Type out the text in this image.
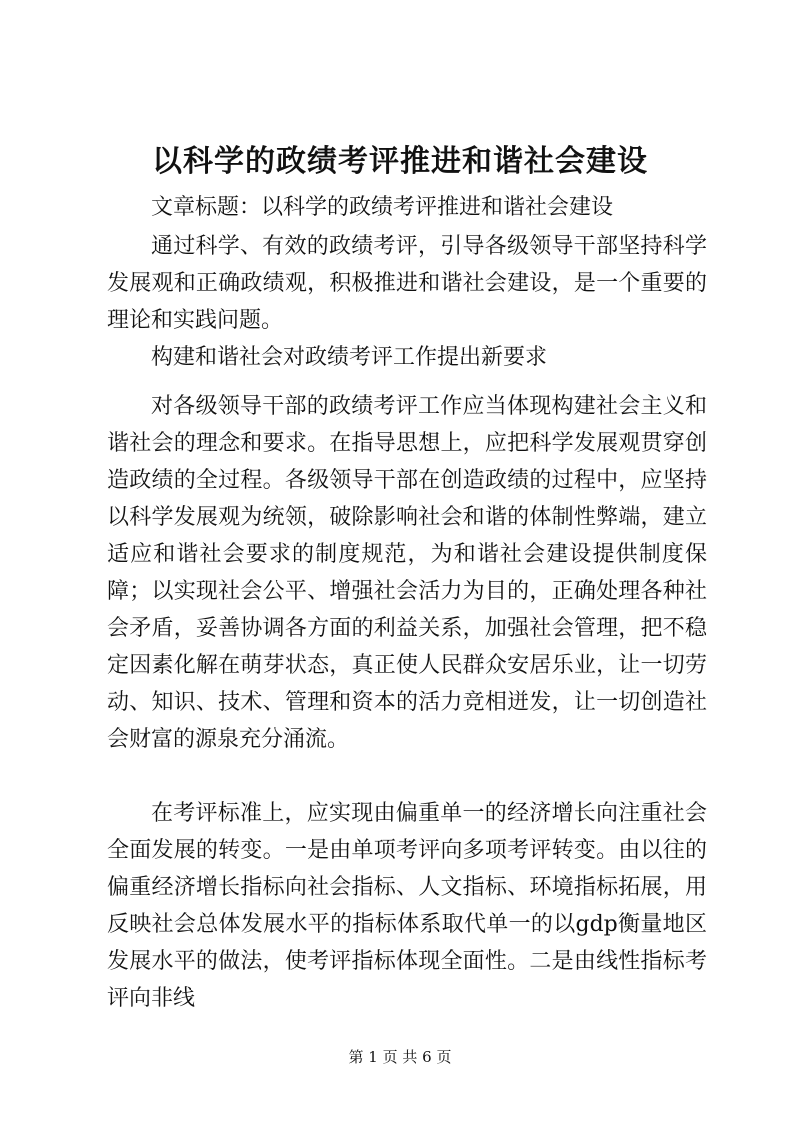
以科学的政绩考评推进和谐社会建设

文章标题：以科学的政绩考评推进和谐社会建设

通过科学、有效的政绩考评，引导各级领导干部坚持科学发展观和正确政绩观，积极推进和谐社会建设，是一个重要的理论和实践问题。

构建和谐社会对政绩考评工作提出新要求

对各级领导干部的政绩考评工作应当体现构建社会主义和谐社会的理念和要求。在指导思想上，应把科学发展观贯穿创造政绩的全过程。各级领导干部在创造政绩的过程中，应坚持以科学发展观为统领，破除影响社会和谐的体制性弊端，建立适应和谐社会要求的制度规范，为和谐社会建设提供制度保障；以实现社会公平、增强社会活力为目的，正确处理各种社会矛盾，妥善协调各方面的利益关系，加强社会管理，把不稳定因素化解在萌芽状态，真正使人民群众安居乐业，让一切劳动、知识、技术、管理和资本的活力竞相迸发，让一切创造社会财富的源泉充分涌流。

在考评标准上，应实现由偏重单一的经济增长向注重社会全面发展的转变。一是由单项考评向多项考评转变。由以往的偏重经济增长指标向社会指标、人文指标、环境指标拓展，用反映社会总体发展水平的指标体系取代单一的以gdp衡量地区发展水平的做法，使考评指标体现全面性。二是由线性指标考评向非线

第 1 页 共 6 页
